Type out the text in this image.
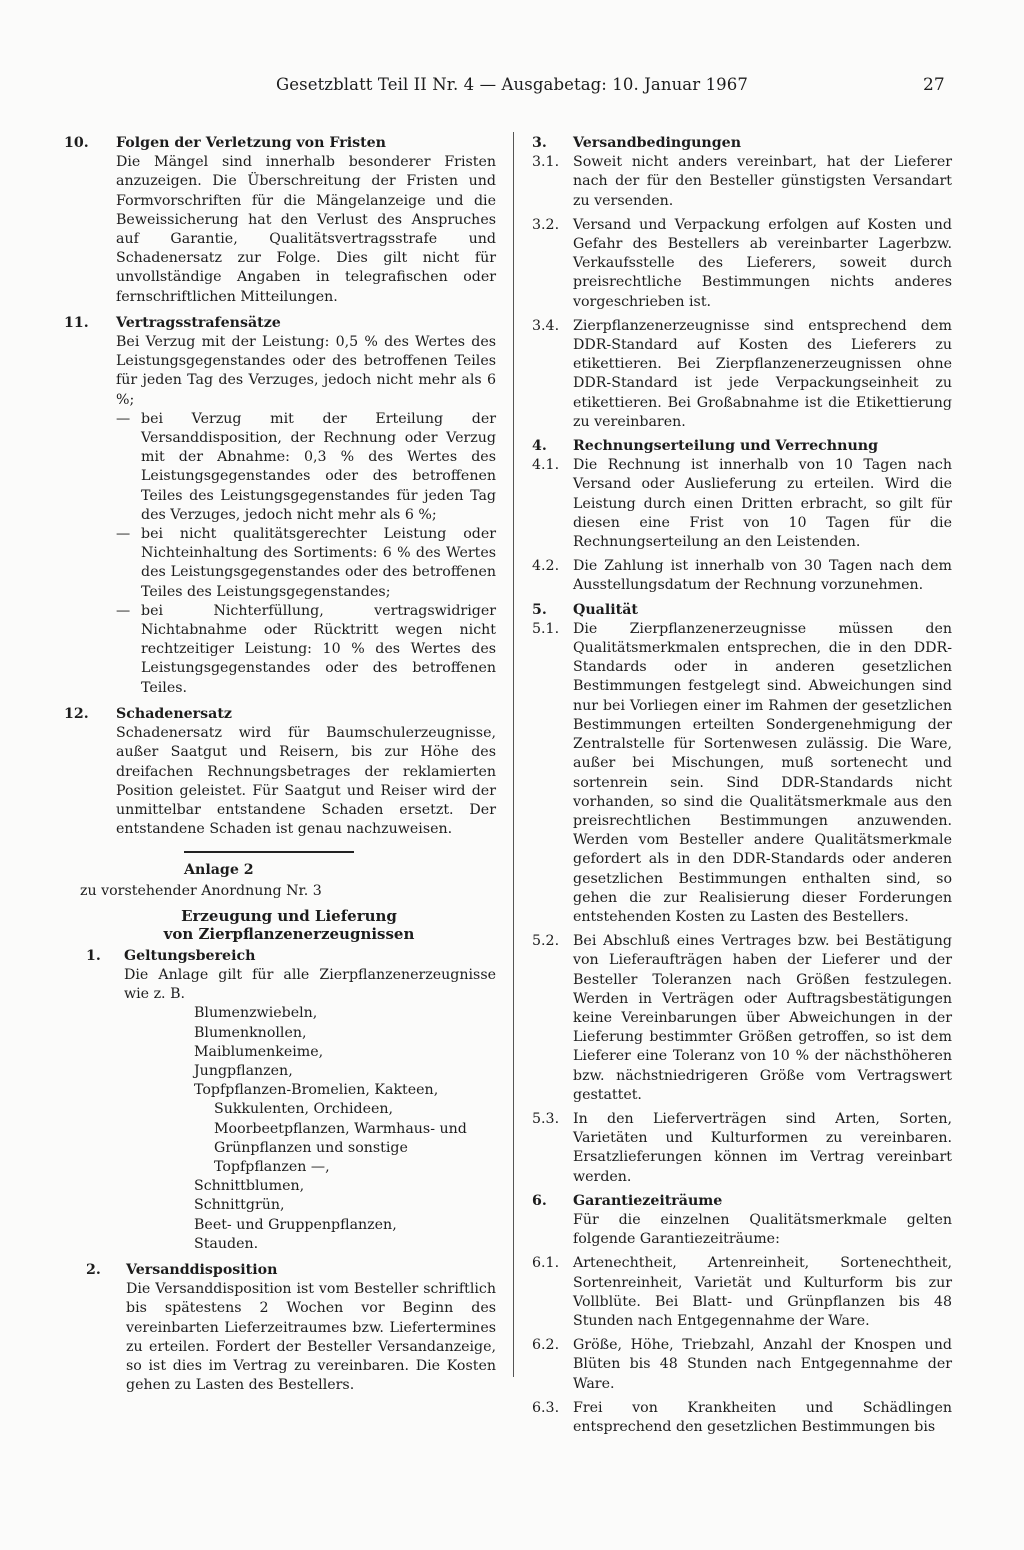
Gesetzblatt Teil II Nr. 4 — Ausgabetag: 10. Januar 1967	27
10. Folgen der Verletzung von Fristen
Die Mängel sind innerhalb besonderer Fristen anzuzeigen. Die Überschreitung der Fristen und Formvorschriften für die Mängelanzeige und die Beweissicherung hat den Verlust des Anspruches auf Garantie, Qualitätsvertragsstrafe und Schadenersatz zur Folge. Dies gilt nicht für unvollständige Angaben in telegrafischen oder fernschriftlichen Mitteilungen.
11. Vertragsstrafensätze
Bei Verzug mit der Leistung: 0,5 % des Wertes des Leistungsgegenstandes oder des betroffenen Teiles für jeden Tag des Verzuges, jedoch nicht mehr als 6 %;
— bei Verzug mit der Erteilung der Versanddisposition, der Rechnung oder Verzug mit der Abnahme: 0,3 % des Wertes des Leistungsgegenstandes oder des betroffenen Teiles des Leistungsgegenstandes für jeden Tag des Verzuges, jedoch nicht mehr als 6 %;
— bei nicht qualitätsgerechter Leistung oder Nichteinhaltung des Sortiments: 6 % des Wertes des Leistungsgegenstandes oder des betroffenen Teiles des Leistungsgegenstandes;
— bei Nichterfüllung, vertragswidriger Nichtabnahme oder Rücktritt wegen nicht rechtzeitiger Leistung: 10 % des Wertes des Leistungsgegenstandes oder des betroffenen Teiles.
12. Schadenersatz
Schadenersatz wird für Baumschulerzeugnisse, außer Saatgut und Reisern, bis zur Höhe des dreifachen Rechnungsbetrages der reklamierten Position geleistet. Für Saatgut und Reiser wird der unmittelbar entstandene Schaden ersetzt. Der entstandene Schaden ist genau nachzuweisen.
Anlage 2
zu vorstehender Anordnung Nr. 3
Erzeugung und Lieferung
von Zierpflanzenerzeugnissen
1. Geltungsbereich
Die Anlage gilt für alle Zierpflanzenerzeugnisse wie z. B.
Blumenzwiebeln,
Blumenknollen,
Maiblumenkeime,
Jungpflanzen,
Topfpflanzen-Bromelien, Kakteen,
Sukkulenten, Orchideen, Moorbeetpflanzen, Warmhaus- und Grünpflanzen und sonstige Topfpflanzen —,
Schnittblumen,
Schnittgrün,
Beet- und Gruppenpflanzen,
Stauden.
2. Versanddisposition
Die Versanddisposition ist vom Besteller schriftlich bis spätestens 2 Wochen vor Beginn des vereinbarten Lieferzeitraumes bzw. Liefertermines zu erteilen. Fordert der Besteller Versandanzeige, so ist dies im Vertrag zu vereinbaren. Die Kosten gehen zu Lasten des Bestellers.
3. Versandbedingungen
3.1. Soweit nicht anders vereinbart, hat der Lieferer nach der für den Besteller günstigsten Versandart zu versenden.
3.2. Versand und Verpackung erfolgen auf Kosten und Gefahr des Bestellers ab vereinbarter Lagerbzw. Verkaufsstelle des Lieferers, soweit durch preisrechtliche Bestimmungen nichts anderes vorgeschrieben ist.
3.4. Zierpflanzenerzeugnisse sind entsprechend dem DDR-Standard auf Kosten des Lieferers zu etikettieren. Bei Zierpflanzenerzeugnissen ohne DDR-Standard ist jede Verpackungseinheit zu etikettieren. Bei Großabnahme ist die Etikettierung zu vereinbaren.
4. Rechnungserteilung und Verrechnung
4.1. Die Rechnung ist innerhalb von 10 Tagen nach Versand oder Auslieferung zu erteilen. Wird die Leistung durch einen Dritten erbracht, so gilt für diesen eine Frist von 10 Tagen für die Rechnungserteilung an den Leistenden.
4.2. Die Zahlung ist innerhalb von 30 Tagen nach dem Ausstellungsdatum der Rechnung vorzunehmen.
5. Qualität
5.1. Die Zierpflanzenerzeugnisse müssen den Qualitätsmerkmalen entsprechen, die in den DDR-Standards oder in anderen gesetzlichen Bestimmungen festgelegt sind. Abweichungen sind nur bei Vorliegen einer im Rahmen der gesetzlichen Bestimmungen erteilten Sondergenehmigung der Zentralstelle für Sortenwesen zulässig. Die Ware, außer bei Mischungen, muß sortenecht und sortenrein sein. Sind DDR-Standards nicht vorhanden, so sind die Qualitätsmerkmale aus den preisrechtlichen Bestimmungen anzuwenden. Werden vom Besteller andere Qualitätsmerkmale gefordert als in den DDR-Standards oder anderen gesetzlichen Bestimmungen enthalten sind, so gehen die zur Realisierung dieser Forderungen entstehenden Kosten zu Lasten des Bestellers.
5.2. Bei Abschluß eines Vertrages bzw. bei Bestätigung von Lieferaufträgen haben der Lieferer und der Besteller Toleranzen nach Größen festzulegen. Werden in Verträgen oder Auftragsbestätigungen keine Vereinbarungen über Abweichungen in der Lieferung bestimmter Größen getroffen, so ist dem Lieferer eine Toleranz von 10 % der nächsthöheren bzw. nächstniedrigeren Größe vom Vertragswert gestattet.
5.3. In den Lieferverträgen sind Arten, Sorten, Varietäten und Kulturformen zu vereinbaren. Ersatzlieferungen können im Vertrag vereinbart werden.
6. Garantiezeiträume
Für die einzelnen Qualitätsmerkmale gelten folgende Garantiezeiträume:
6.1. Artenechtheit, Artenreinheit, Sortenechtheit, Sortenreinheit, Varietät und Kulturform bis zur Vollblüte. Bei Blatt- und Grünpflanzen bis 48 Stunden nach Entgegennahme der Ware.
6.2. Größe, Höhe, Triebzahl, Anzahl der Knospen und Blüten bis 48 Stunden nach Entgegennahme der Ware.
6.3. Frei von Krankheiten und Schädlingen entsprechend den gesetzlichen Bestimmungen bis
